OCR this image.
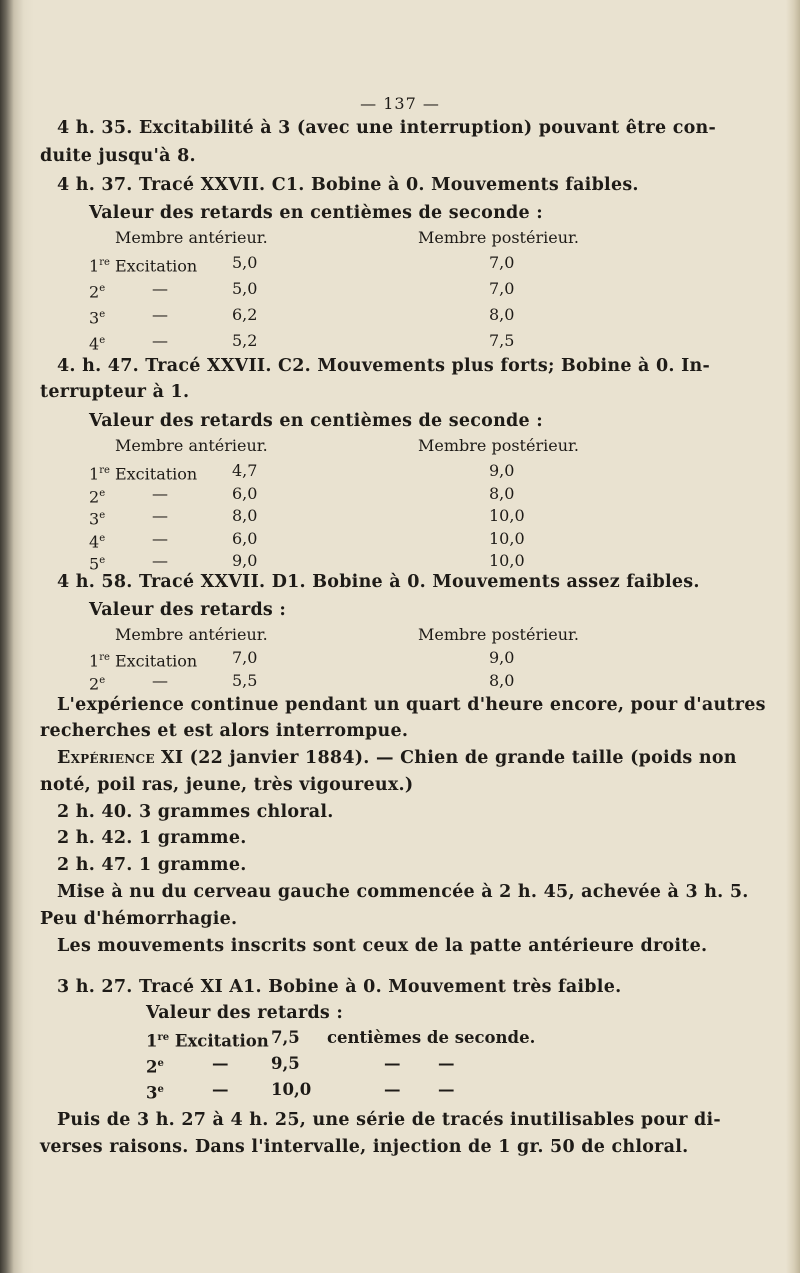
— 137 —
4 h. 35. Excitabilité à 3 (avec une interruption) pouvant être con-
duite jusqu'à 8.
4 h. 37. Tracé XXVII. C1. Bobine à 0. Mouvements faibles.
Valeur des retards en centièmes de seconde :
Membre antérieur.	Membre postérieur.
1re Excitation 5,0	7,0
2e	—	5,0	7,0
3e	—	6,2	8,0
4e	—	5,2	7,5
4. h. 47. Tracé XXVII. C2. Mouvements plus forts; Bobine à 0. In-
terrupteur à 1.
Valeur des retards en centièmes de seconde :
Membre antérieur.	Membre postérieur.
1re Excitation 4,7	9,0
2e	—	6,0	8,0
3e	—	8,0	10,0
4e	—	6,0	10,0
5e	—	9,0	10,0
4 h. 58. Tracé XXVII. D1. Bobine à 0. Mouvements assez faibles.
Valeur des retards :
Membre antérieur.	Membre postérieur.
1re Excitation 7,0	9,0
2e	—	5,5	8,0
L'expérience continue pendant un quart d'heure encore, pour d'autres
recherches et est alors interrompue.
Expérience XI (22 janvier 1884). — Chien de grande taille (poids non
noté, poil ras, jeune, très vigoureux.)
2 h. 40. 3 grammes chloral.
2 h. 42. 1 gramme.
2 h. 47. 1 gramme.
Mise à nu du cerveau gauche commencée à 2 h. 45, achevée à 3 h. 5.
Peu d'hémorrhagie.
Les mouvements inscrits sont ceux de la patte antérieure droite.
3 h. 27. Tracé XI A1. Bobine à 0. Mouvement très faible.
Valeur des retards :
1re Excitation 7,5 centièmes de seconde.
2e	—	9,5	— —
3e	—	10,0	— —
Puis de 3 h. 27 à 4 h. 25, une série de tracés inutilisables pour di-
verses raisons. Dans l'intervalle, injection de 1 gr. 50 de chloral.
